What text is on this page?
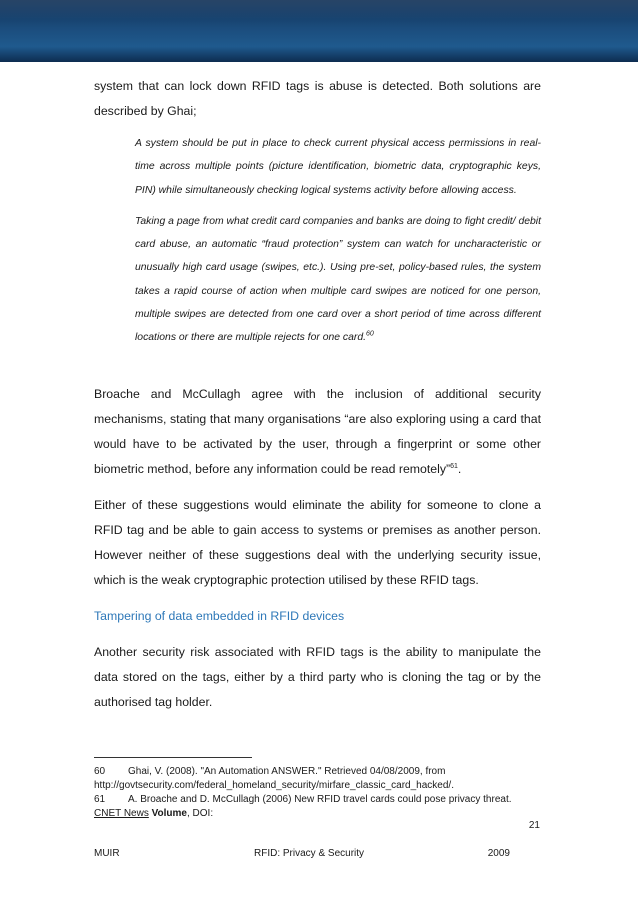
system that can lock down RFID tags is abuse is detected. Both solutions are described by Ghai;

A system should be put in place to check current physical access permissions in real-time across multiple points (picture identification, biometric data, cryptographic keys, PIN) while simultaneously checking logical systems activity before allowing access.

Taking a page from what credit card companies and banks are doing to fight credit/ debit card abuse, an automatic “fraud protection” system can watch for uncharacteristic or unusually high card usage (swipes, etc.). Using pre-set, policy-based rules, the system takes a rapid course of action when multiple card swipes are noticed for one person, multiple swipes are detected from one card over a short period of time across different locations or there are multiple rejects for one card.$^{60}$

Broache and McCullagh agree with the inclusion of additional security mechanisms, stating that many organisations “are also exploring using a card that would have to be activated by the user, through a fingerprint or some other biometric method, before any information could be read remotely”$^{61}$.

Either of these suggestions would eliminate the ability for someone to clone a RFID tag and be able to gain access to systems or premises as another person. However neither of these suggestions deal with the underlying security issue, which is the weak cryptographic protection utilised by these RFID tags.

Tampering of data embedded in RFID devices

Another security risk associated with RFID tags is the ability to manipulate the data stored on the tags, either by a third party who is cloning the tag or by the authorised tag holder.

60 Ghai, V. (2008). "An Automation ANSWER." Retrieved 04/08/2009, from http://govtsecurity.com/federal_homeland_security/mirfare_classic_card_hacked/.
61 A. Broache and D. McCullagh (2006) New RFID travel cards could pose privacy threat. CNET News Volume, DOI:
21
MUIR	RFID: Privacy & Security	2009
